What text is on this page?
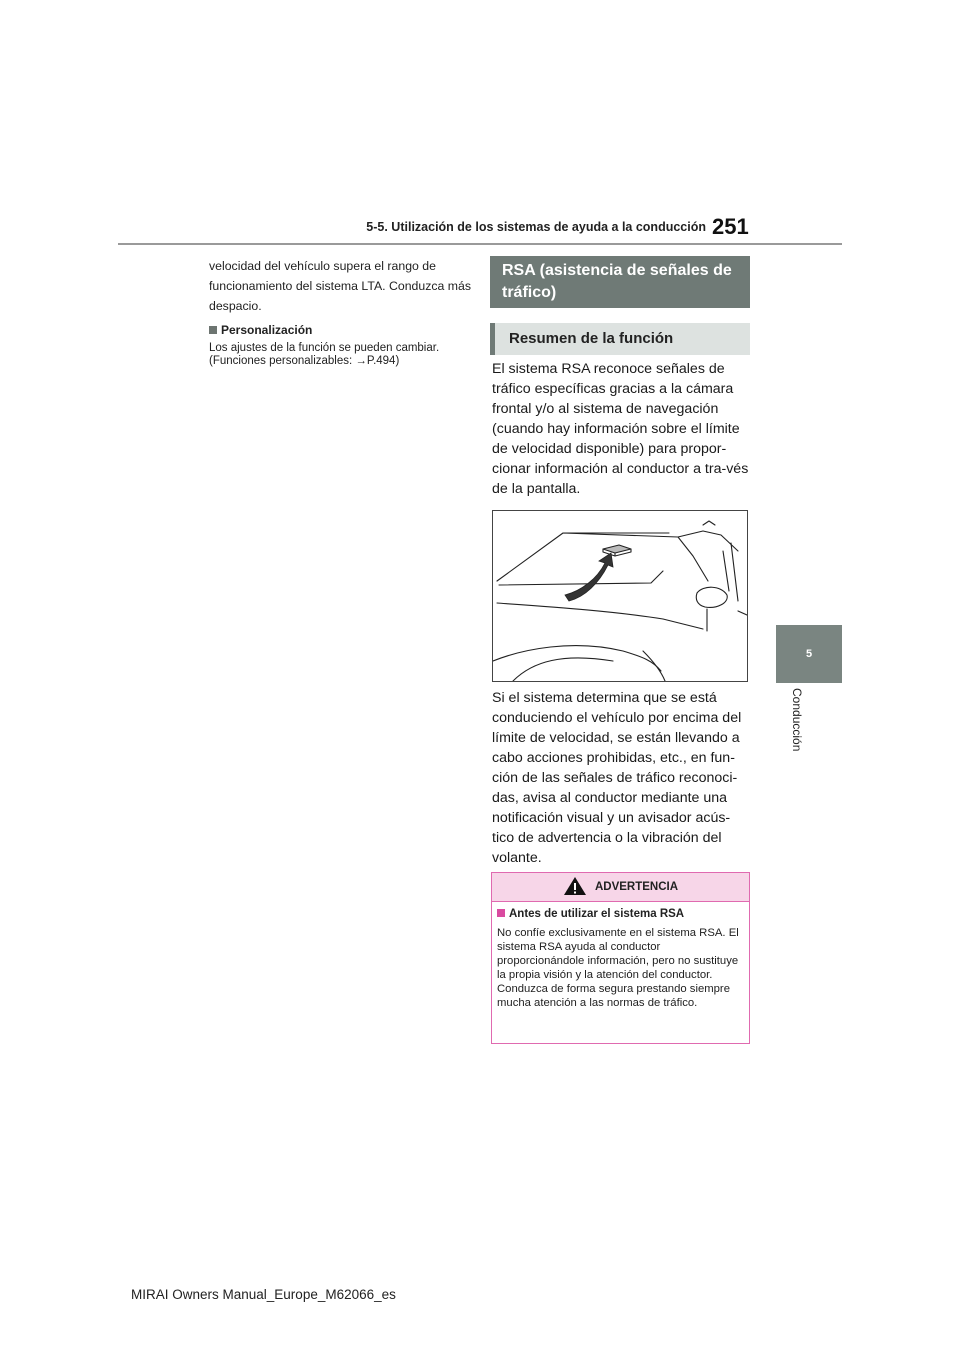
5-5. Utilización de los sistemas de ayuda a la conducción 251
5
Conducción
velocidad del vehículo supera el rango de funcionamiento del sistema LTA. Conduzca más despacio.
Personalización
Los ajustes de la función se pueden cambiar. (Funciones personalizables: →P.494)
RSA (asistencia de señales de tráfico)
Resumen de la función
El sistema RSA reconoce señales de tráfico específicas gracias a la cámara frontal y/o al sistema de navegación (cuando hay información sobre el límite de velocidad disponible) para propor-cionar información al conductor a tra-vés de la pantalla.
Si el sistema determina que se está conduciendo el vehículo por encima del límite de velocidad, se están llevando a cabo acciones prohibidas, etc., en fun-ción de las señales de tráfico reconoci-das, avisa al conductor mediante una notificación visual y un avisador acús-tico de advertencia o la vibración del volante.
ADVERTENCIA
Antes de utilizar el sistema RSA
No confíe exclusivamente en el sistema RSA. El sistema RSA ayuda al conductor proporcionándole información, pero no sustituye la propia visión y la atención del conductor. Conduzca de forma segura prestando siempre mucha atención a las normas de tráfico.
MIRAI Owners Manual_Europe_M62066_es
